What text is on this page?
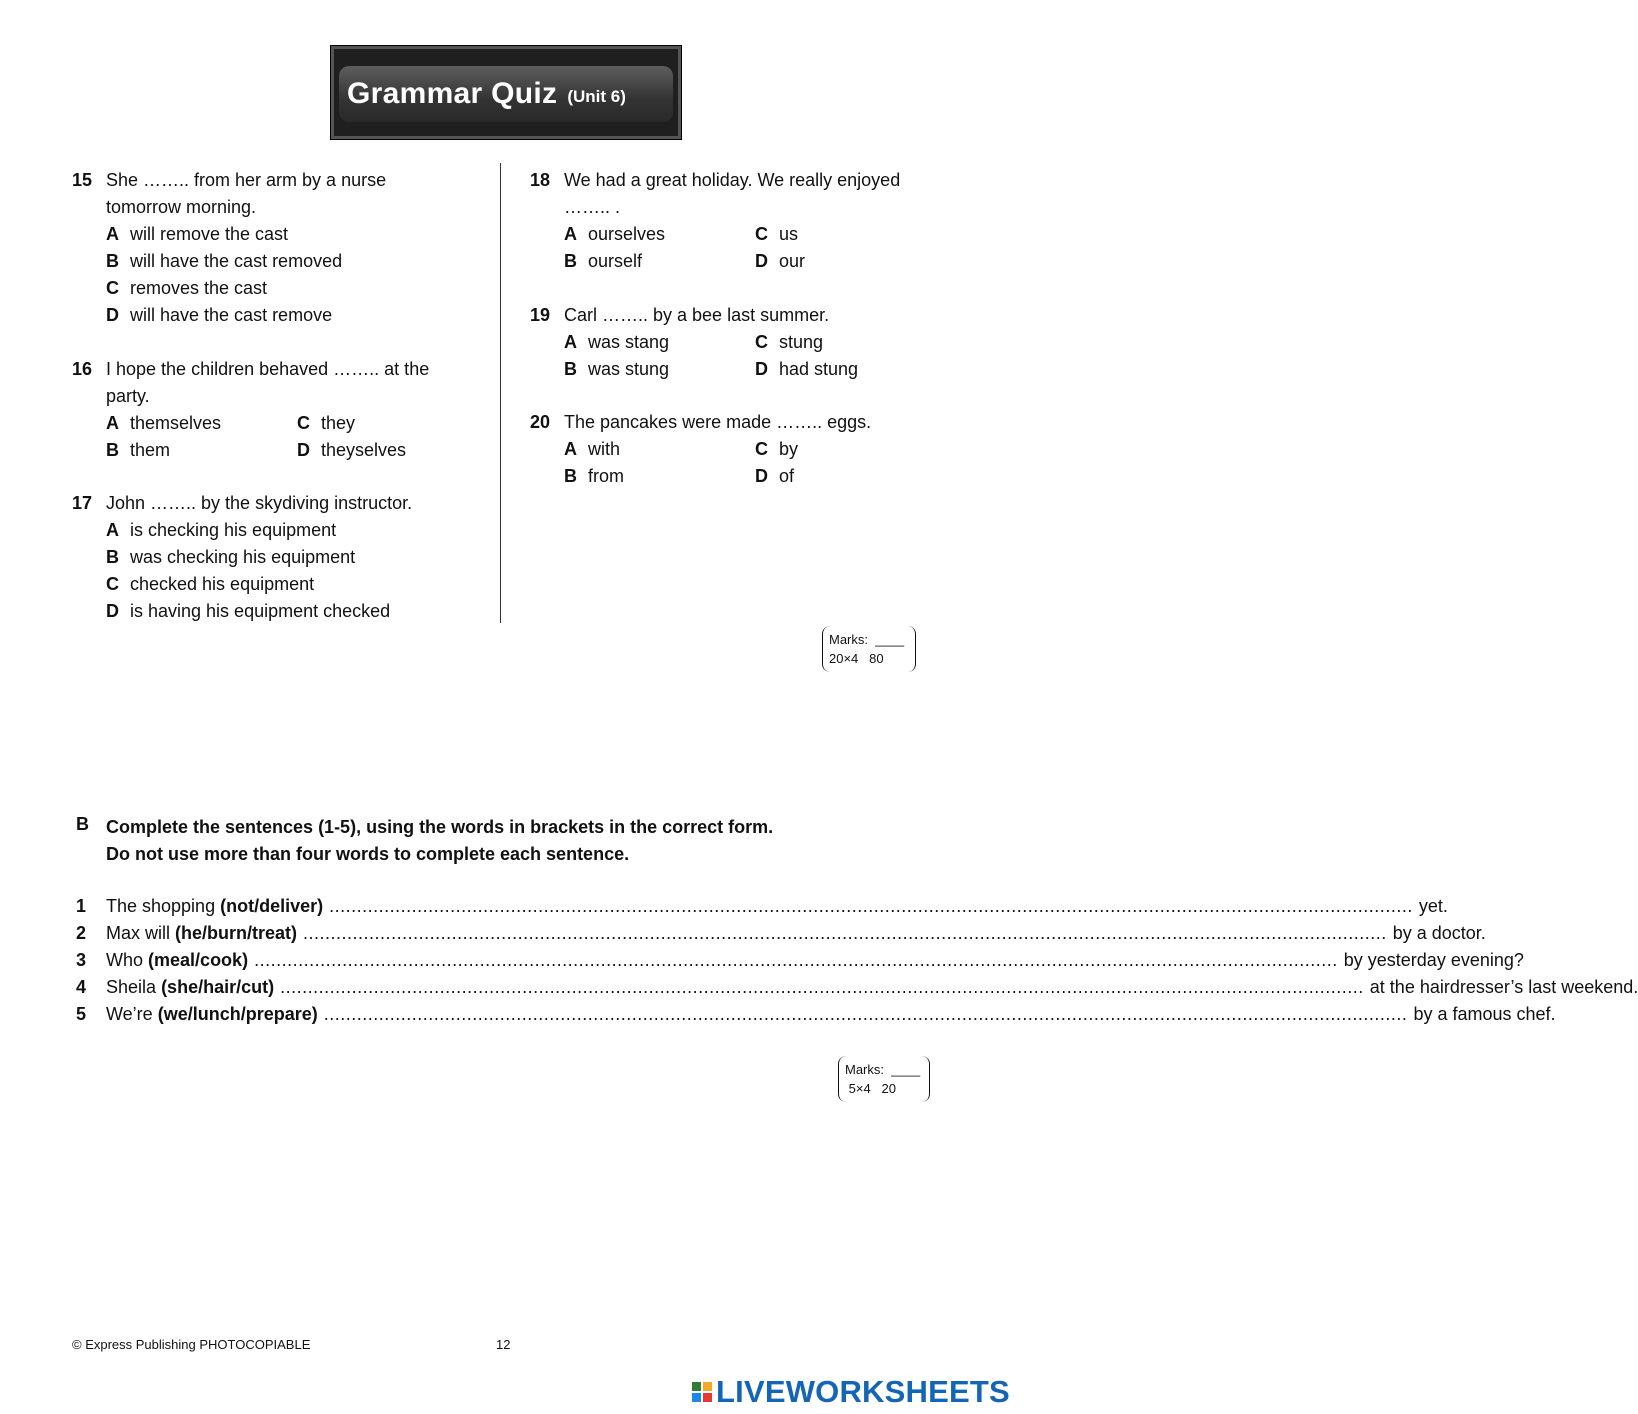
Grammar Quiz (Unit 6)
15 She …….. from her arm by a nurse
tomorrow morning.
A will remove the cast
B will have the cast removed
C removes the cast
D will have the cast remove
16 I hope the children behaved …….. at the
party.
A themselves	C they
B them	D theyselves
17 John …….. by the skydiving instructor.
A is checking his equipment
B was checking his equipment
C checked his equipment
D is having his equipment checked
18 We had a great holiday. We really enjoyed
…….. .
A ourselves	C us
B ourself	D our
19 Carl …….. by a bee last summer.
A was stang	C stung
B was stung	D had stung
20 The pancakes were made …….. eggs.
A with	C by
B from	D of
Marks: ____
20×4 80
B Complete the sentences (1-5), using the words in brackets in the correct form.
Do not use more than four words to complete each sentence.
1	The shopping (not/deliver) ..................................................................................................................................................................................................... yet.
2	Max will (he/burn/treat) ..................................................................................................................................................................................................... by a doctor.
3	Who (meal/cook) ..................................................................................................................................................................................................... by yesterday evening?
4	Sheila (she/hair/cut) ..................................................................................................................................................................................................... at the hairdresser’s last weekend.
5	We’re (we/lunch/prepare) ..................................................................................................................................................................................................... by a famous chef.
Marks: ____
5×4 20
© Express Publishing PHOTOCOPIABLE	12
LIVEWORKSHEETS
